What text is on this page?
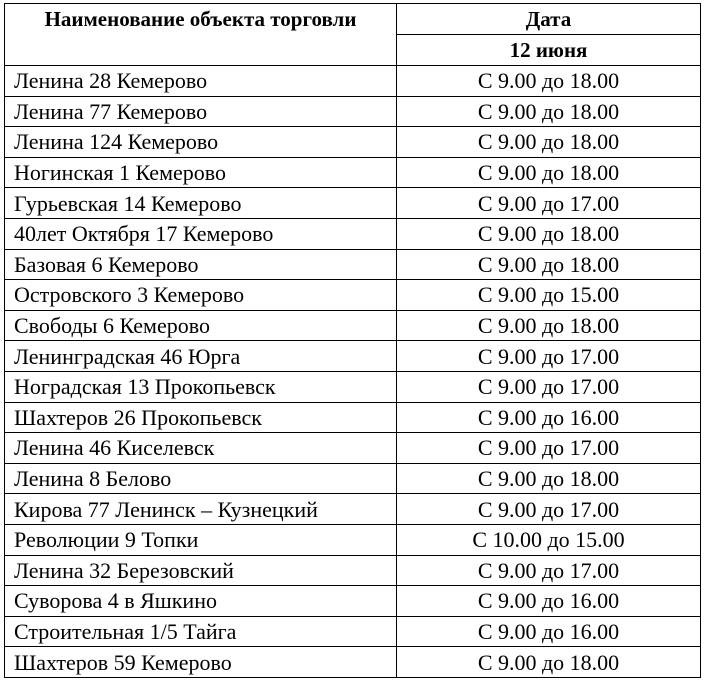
Наименование объекта торговли	Дата
	12 июня
Ленина 28 Кемерово	С 9.00 до 18.00
Ленина 77 Кемерово	С 9.00 до 18.00
Ленина 124 Кемерово	С 9.00 до 18.00
Ногинская 1 Кемерово	С 9.00 до 18.00
Гурьевская 14 Кемерово	С 9.00 до 17.00
40лет Октября 17 Кемерово	С 9.00 до 18.00
Базовая 6 Кемерово	С 9.00 до 18.00
Островского 3 Кемерово	С 9.00 до 15.00
Свободы 6 Кемерово	С 9.00 до 18.00
Ленинградская 46 Юрга	С 9.00 до 17.00
Ноградская 13 Прокопьевск	С 9.00 до 17.00
Шахтеров 26 Прокопьевск	С 9.00 до 16.00
Ленина 46 Киселевск	С 9.00 до 17.00
Ленина 8 Белово	С 9.00 до 18.00
Кирова 77 Ленинск – Кузнецкий	С 9.00 до 17.00
Революции 9 Топки	С 10.00 до 15.00
Ленина 32 Березовский	С 9.00 до 17.00
Суворова 4 в Яшкино	С 9.00 до 16.00
Строительная 1/5 Тайга	С 9.00 до 16.00
Шахтеров 59 Кемерово	С 9.00 до 18.00
